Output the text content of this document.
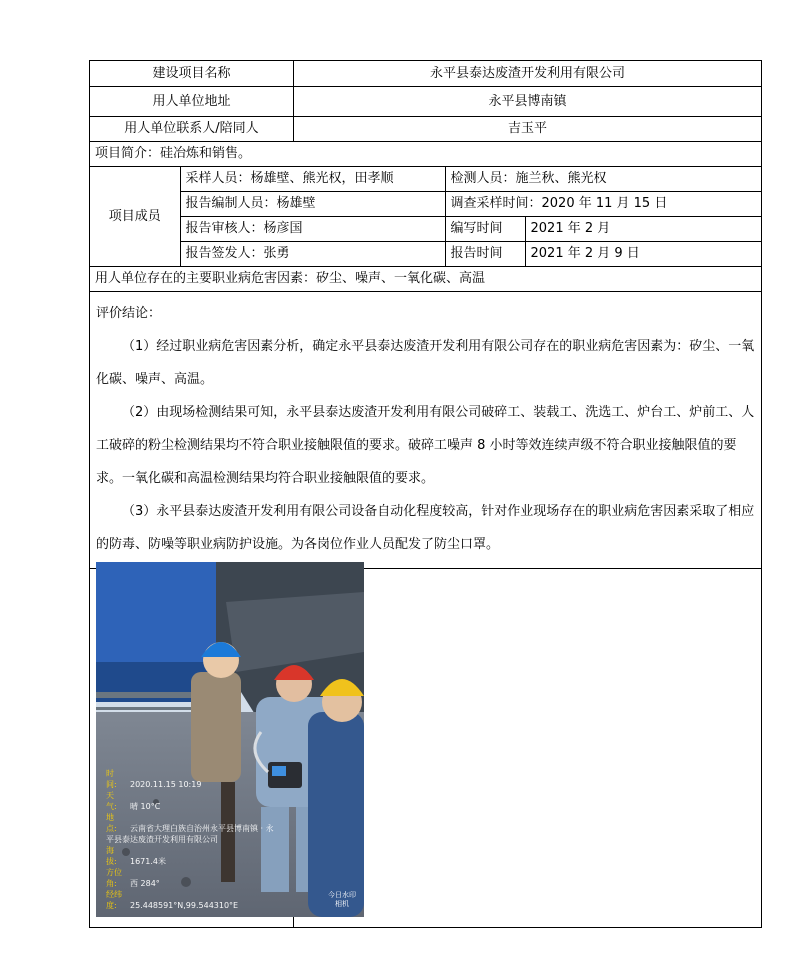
建设项目名称	永平县泰达废渣开发利用有限公司
用人单位地址	永平县博南镇
用人单位联系人/陪同人	吉玉平
项目简介：硅冶炼和销售。

项目成员	采样人员：杨雄壁、熊光权，田孝顺	检测人员：施兰秋、熊光权
报告编制人员：杨雄壁	调查采样时间：2020 年 11 月 15 日
报告审核人：杨彦国	编写时间	2021 年 2 月
报告签发人：张勇	报告时间	2021 年 2 月 9 日

用人单位存在的主要职业病危害因素：矽尘、噪声、一氧化碳、高温

评价结论：

（1）经过职业病危害因素分析，确定永平县泰达废渣开发利用有限公司存在的职业病危害因素为：矽尘、一氧化碳、噪声、高温。

（2）由现场检测结果可知，永平县泰达废渣开发利用有限公司破碎工、装载工、洗选工、炉台工、炉前工、人工破碎的粉尘检测结果均不符合职业接触限值的要求。破碎工噪声 8 小时等效连续声级不符合职业接触限值的要求。一氧化碳和高温检测结果均符合职业接触限值的要求。

（3）永平县泰达废渣开发利用有限公司设备自动化程度较高，针对作业现场存在的职业病危害因素采取了相应的防毒、防噪等职业病防护设施。为各岗位作业人员配发了防尘口罩。

时　间: 2020.11.15 10:19
天　气: 晴 10°C
地　点: 云南省大理白族自治州永平县博南镇 · 永平县泰达废渣开发利用有限公司
海　拔: 1671.4米
方位角: 西 284°
经纬度: 25.448591°N,99.544310°E
今日水印
相机
